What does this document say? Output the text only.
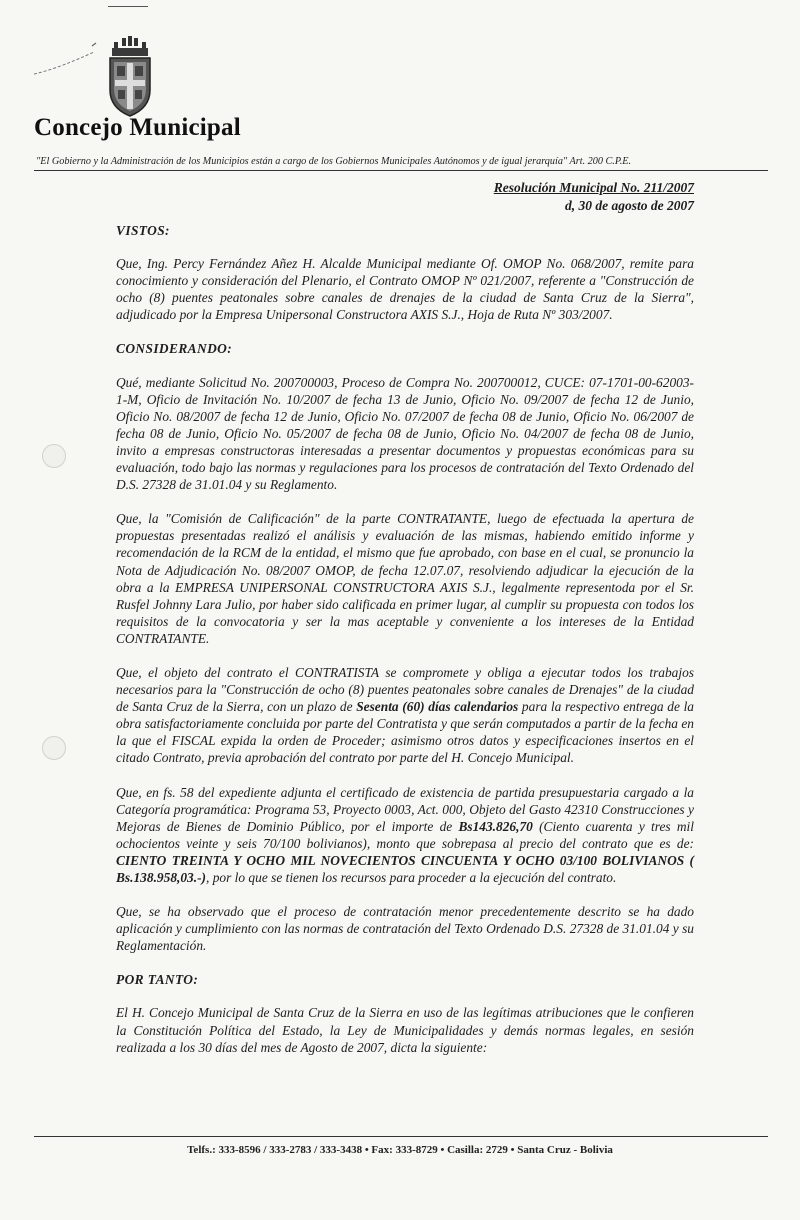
Concejo Municipal
"El Gobierno y la Administración de los Municipios están a cargo de los Gobiernos Municipales Autónomos y de igual jerarquía" Art. 200 C.P.E.
Resolución Municipal No. 211/2007
d, 30 de agosto de 2007
VISTOS:

Que, Ing. Percy Fernández Añez H. Alcalde Municipal mediante Of. OMOP No. 068/2007, remite para conocimiento y consideración del Plenario, el Contrato OMOP Nº 021/2007, referente a "Construcción de ocho (8) puentes peatonales sobre canales de drenajes de la ciudad de Santa Cruz de la Sierra", adjudicado por la Empresa Unipersonal Constructora AXIS S.J., Hoja de Ruta Nº 303/2007.

CONSIDERANDO:

Qué, mediante Solicitud No. 200700003, Proceso de Compra No. 200700012, CUCE: 07-1701-00-62003-1-M, Oficio de Invitación No. 10/2007 de fecha 13 de Junio, Oficio No. 09/2007 de fecha 12 de Junio, Oficio No. 08/2007 de fecha 12 de Junio, Oficio No. 07/2007 de fecha 08 de Junio, Oficio No. 06/2007 de fecha 08 de Junio, Oficio No. 05/2007 de fecha 08 de Junio, Oficio No. 04/2007 de fecha 08 de Junio, invito a empresas constructoras interesadas a presentar documentos y propuestas económicas para su evaluación, todo bajo las normas y regulaciones para los procesos de contratación del Texto Ordenado del D.S. 27328 de 31.01.04 y su Reglamento.

Que, la "Comisión de Calificación" de la parte CONTRATANTE, luego de efectuada la apertura de propuestas presentadas realizó el análisis y evaluación de las mismas, habiendo emitido informe y recomendación de la RCM de la entidad, el mismo que fue aprobado, con base en el cual, se pronuncio la Nota de Adjudicación No. 08/2007 OMOP, de fecha 12.07.07, resolviendo adjudicar la ejecución de la obra a la EMPRESA UNIPERSONAL CONSTRUCTORA AXIS S.J., legalmente representoda por el Sr. Rusfel Johnny Lara Julio, por haber sido calificada en primer lugar, al cumplir su propuesta con todos los requisitos de la convocatoria y ser la mas aceptable y conveniente a los intereses de la Entidad CONTRATANTE.

Que, el objeto del contrato el CONTRATISTA se compromete y obliga a ejecutar todos los trabajos necesarios para la "Construcción de ocho (8) puentes peatonales sobre canales de Drenajes" de la ciudad de Santa Cruz de la Sierra, con un plazo de Sesenta (60) días calendarios para la respectivo entrega de la obra satisfactoriamente concluida por parte del Contratista y que serán computados a partir de la fecha en la que el FISCAL expida la orden de Proceder; asimismo otros datos y especificaciones insertos en el citado Contrato, previa aprobación del contrato por parte del H. Concejo Municipal.

Que, en fs. 58 del expediente adjunta el certificado de existencia de partida presupuestaria cargado a la Categoría programática: Programa 53, Proyecto 0003, Act. 000, Objeto del Gasto 42310 Construcciones y Mejoras de Bienes de Dominio Público, por el importe de Bs143.826,70 (Ciento cuarenta y tres mil ochocientos veinte y seis 70/100 bolivianos), monto que sobrepasa al precio del contrato que es de: CIENTO TREINTA Y OCHO MIL NOVECIENTOS CINCUENTA Y OCHO 03/100 BOLIVIANOS ( Bs.138.958,03.-), por lo que se tienen los recursos para proceder a la ejecución del contrato.

Que, se ha observado que el proceso de contratación menor precedentemente descrito se ha dado aplicación y cumplimiento con las normas de contratación del Texto Ordenado D.S. 27328 de 31.01.04 y su Reglamentación.

POR TANTO:

El H. Concejo Municipal de Santa Cruz de la Sierra en uso de las legítimas atribuciones que le confieren la Constitución Política del Estado, la Ley de Municipalidades y demás normas legales, en sesión realizada a los 30 días del mes de Agosto de 2007, dicta la siguiente:

Telfs.: 333-8596 / 333-2783 / 333-3438 • Fax: 333-8729 • Casilla: 2729 • Santa Cruz - Bolivia
